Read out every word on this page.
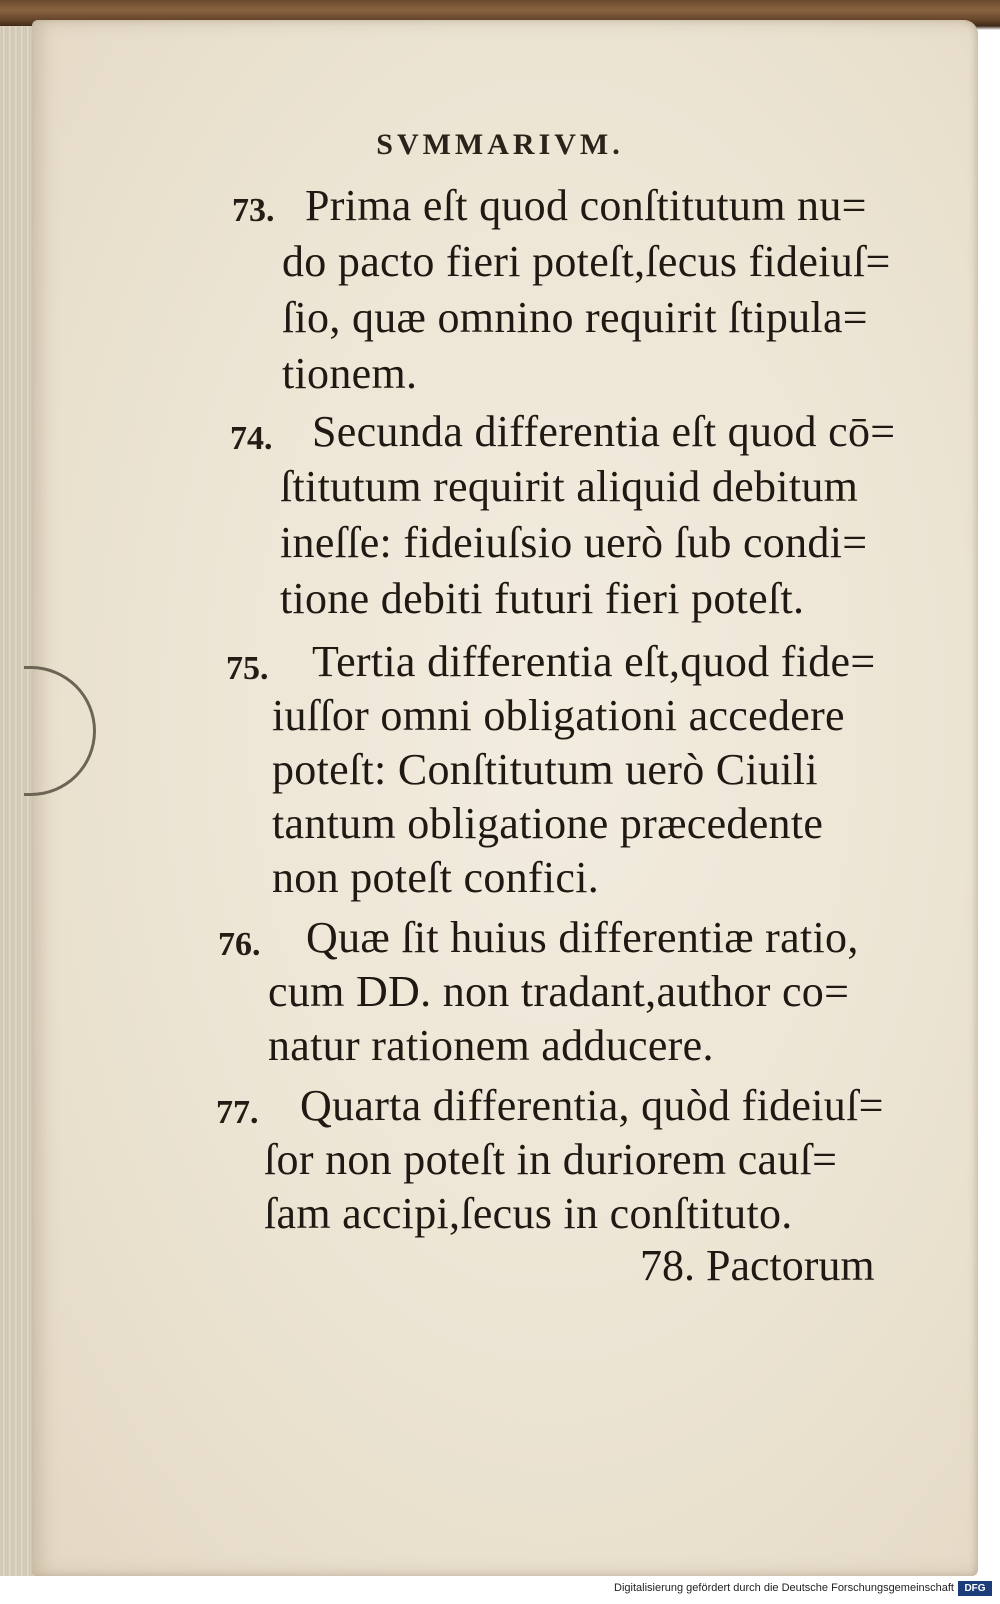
SVMMARIVM.
73. Prima eſt quod conſtitutum nu=
do pacto fieri poteſt,ſecus fideiuſ=
ſio, quæ omnino requirit ſtipula=
tionem.
74. Secunda differentia eſt quod cō=
ſtitutum requirit aliquid debitum
ineſſe: fideiuſsio uerò ſub condi=
tione debiti futuri fieri poteſt.
75. Tertia differentia eſt,quod fide=
iuſſor omni obligationi accedere
poteſt: Conſtitutum uerò Ciuili
tantum obligatione præcedente
non poteſt confici.
76. Quæ ſit huius differentiæ ratio,
cum DD. non tradant,author co=
natur rationem adducere.
77. Quarta differentia, quòd fideiuſ=
ſor non poteſt in duriorem cauſ=
ſam accipi,ſecus in conſtituto.
78. Pactorum
Digitalisierung gefördert durch die Deutsche Forschungsgemeinschaft	DFG
